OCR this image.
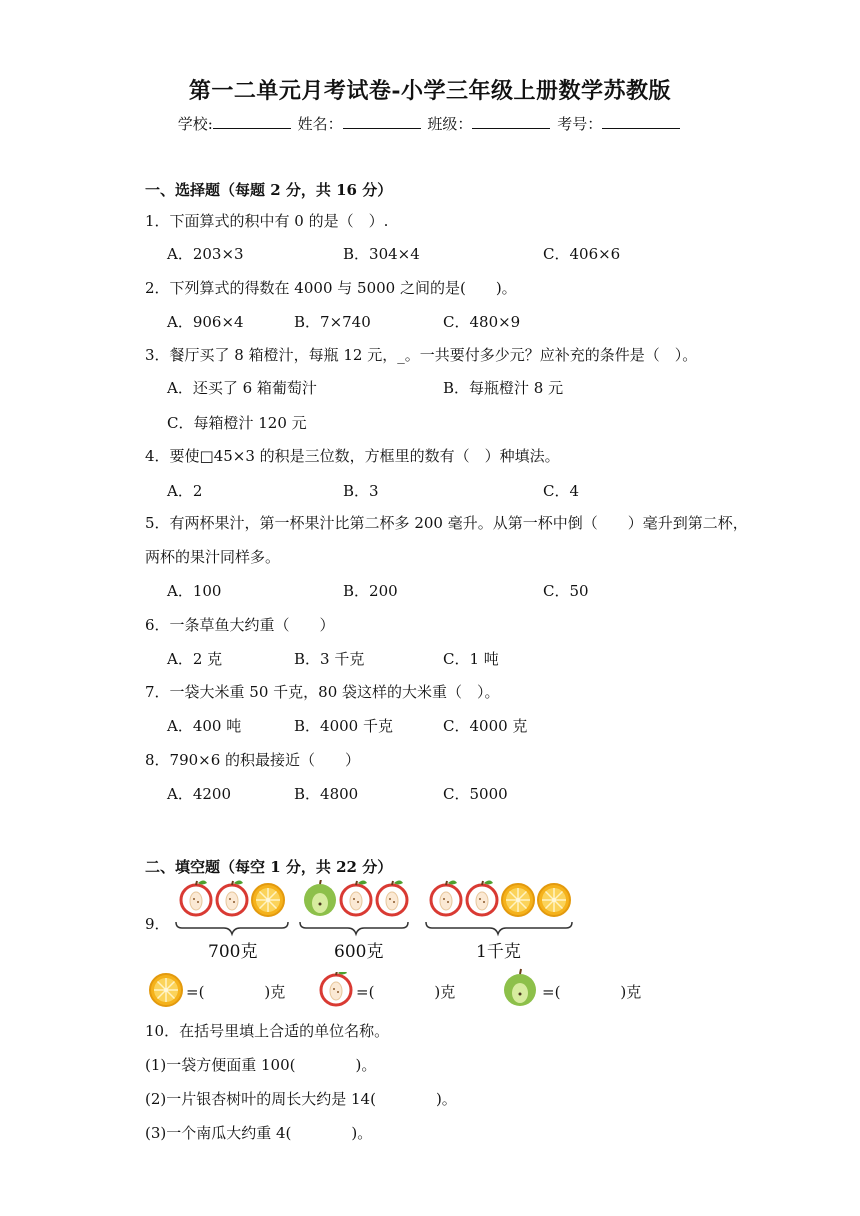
第一二单元月考试卷-小学三年级上册数学苏教版
学校:	姓名：	班级：	考号：
一、选择题（每题 2 分，共 16 分）
1．下面算式的积中有 0 的是（　）.
A．203×3	B．304×4	C．406×6
2．下列算式的得数在 4000 与 5000 之间的是(　　)。
A．906×4	B．7×740	C．480×9
3．餐厅买了 8 箱橙汁，每瓶 12 元，_。一共要付多少元？应补充的条件是（　）。
A．还买了 6 箱葡萄汁	B．每瓶橙汁 8 元
C．每箱橙汁 120 元
4．要使□45×3 的积是三位数，方框里的数有（　）种填法。
A．2	B．3	C．4
5．有两杯果汁，第一杯果汁比第二杯多 200 毫升。从第一杯中倒（　　）毫升到第二杯，
两杯的果汁同样多。
A．100	B．200	C．50
6．一条草鱼大约重（　　）
A．2 克	B．3 千克	C．1 吨
7．一袋大米重 50 千克，80 袋这样的大米重（　）。
A．400 吨	B．4000 千克	C．4000 克
8．790×6 的积最接近（　　）
A．4200	B．4800	C．5000
二、填空题（每空 1 分，共 22 分）
9．
700克	600克	1千克
=(　　　　)克	=(　　　　)克	=(　　　　)克
10．在括号里填上合适的单位名称。
(1)一袋方便面重 100(　　　　)。
(2)一片银杏树叶的周长大约是 14(　　　　)。
(3)一个南瓜大约重 4(　　　　)。
